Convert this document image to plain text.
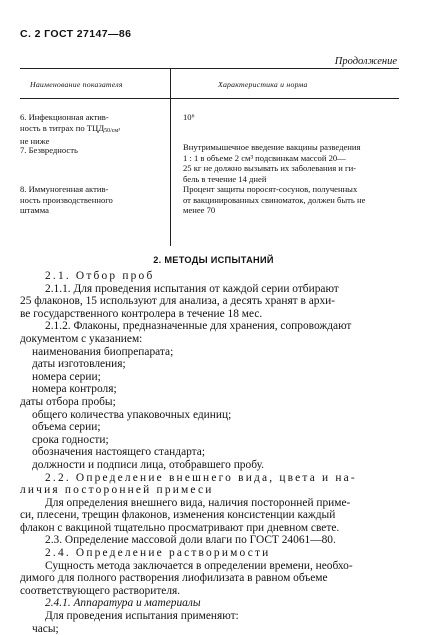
С. 2 ГОСТ 27147—86
Продолжение
Наименование показателя	Характеристика и норма

6. Инфекционная актив-

ность в титрах по ТЦД50/см³

не ниже

10⁶

7. Безвредность	Внутримышечное введение вакцины разведения

1 : 1 в объеме 2 см³ подсвинкам массой 20—

25 кг не должно вызывать их заболевания и ги-

бель в течение 14 дней

8. Иммуногенная актив-

ность производственного

штамма

Процент защиты поросят-сосунов, полученных

от вакцинированных свиноматок, должен быть не

менее 70

2. МЕТОДЫ ИСПЫТАНИЙ

2.1. Отбор проб

2.1.1. Для проведения испытания от каждой серии отбирают

25 флаконов, 15 используют для анализа, а десять хранят в архи-

ве государственного контролера в течение 18 мес.

2.1.2. Флаконы, предназначенные для хранения, сопровождают

документом с указанием:

наименования биопрепарата;

даты изготовления;

номера серии;

номера контроля;

даты отбора пробы;

общего количества упаковочных единиц;

объема серии;

срока годности;

обозначения настоящего стандарта;

должности и подписи лица, отобравшего пробу.

2.2. Определение внешнего вида, цвета и на-

личия посторонней примеси

Для определения внешнего вида, наличия посторонней приме-

си, плесени, трещин флаконов, изменения консистенции каждый

флакон с вакциной тщательно просматривают при дневном свете.

2.3. Определение массовой доли влаги по ГОСТ 24061—80.

2.4. Определение растворимости

Сущность метода заключается в определении времени, необхо-

димого для полного растворения лиофилизата в равном объеме

соответствующего растворителя.

2.4.1. Аппаратура и материалы

Для проведения испытания применяют:

часы;
